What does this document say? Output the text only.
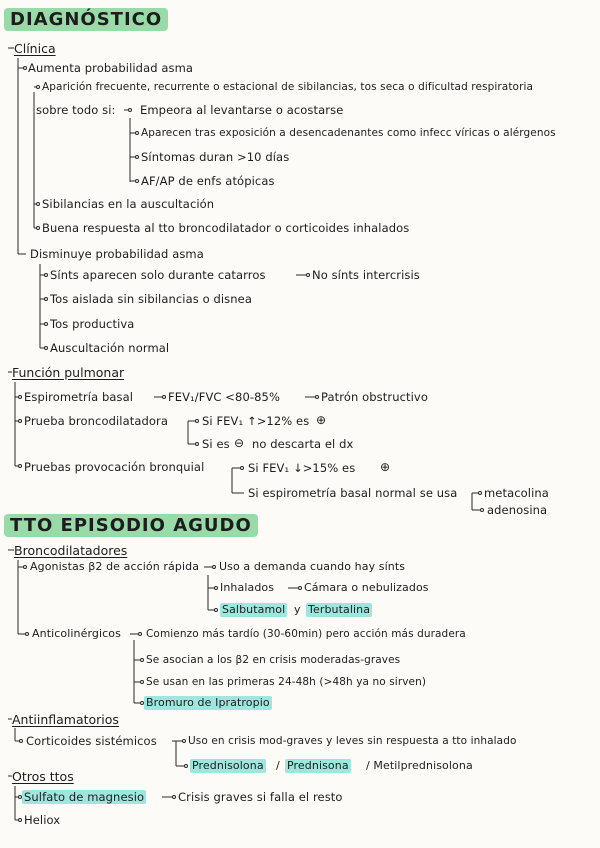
DIAGNÓSTICO
Clínica
Aumenta probabilidad asma
Aparición frecuente, recurrente o estacional de sibilancias, tos seca o dificultad respiratoria
sobre todo si: Empeora al levantarse o acostarse
Aparecen tras exposición a desencadenantes como infecc víricas o alérgenos
Síntomas duran >10 días
AF/AP de enfs atópicas
Sibilancias en la auscultación
Buena respuesta al tto broncodilatador o corticoides inhalados
Disminuye probabilidad asma
Sínts aparecen solo durante catarros	No sínts intercrisis
Tos aislada sin sibilancias o disnea
Tos productiva
Auscultación normal
Función pulmonar
Espirometría basal	FEV₁/FVC <80-85%	Patrón obstructivo
Prueba broncodilatadora	Si FEV₁ ↑>12% es ⊕
Si es ⊖ no descarta el dx
Pruebas provocación bronquial	Si FEV₁ ↓>15% es ⊕
Si espirometría basal normal se usa metacolina
adenosina
TTO EPISODIO AGUDO
Broncodilatadores
Agonistas β2 de acción rápida Uso a demanda cuando hay sínts
Inhalados	Cámara o nebulizados
Salbutamol y Terbutalina
Anticolinérgicos Comienzo más tardío (30-60min) pero acción más duradera
Se asocian a los β2 en crisis moderadas-graves
Se usan en las primeras 24-48h (>48h ya no sirven)
Bromuro de Ipratropio
Antiinflamatorios
Corticoides sistémicos	Uso en crisis mod-graves y leves sin respuesta a tto inhalado
Prednisolona / Prednisona / Metilprednisolona
Otros ttos
Sulfato de magnesio	Crisis graves si falla el resto
Heliox
